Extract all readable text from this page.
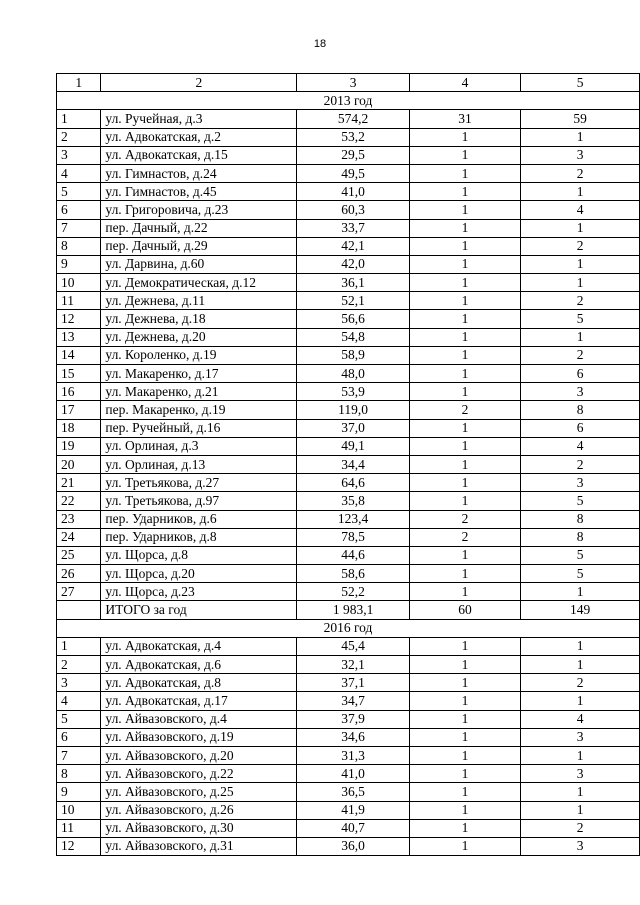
18
1	2	3	4	5
2013 год				
1	ул. Ручейная, д.3	574,2	31	59
2	ул. Адвокатская, д.2	53,2	1	1
3	ул. Адвокатская, д.15	29,5	1	3
4	ул. Гимнастов, д.24	49,5	1	2
5	ул. Гимнастов, д.45	41,0	1	1
6	ул. Григоровича, д.23	60,3	1	4
7	пер. Дачный, д.22	33,7	1	1
8	пер. Дачный, д.29	42,1	1	2
9	ул. Дарвина, д.60	42,0	1	1
10	ул. Демократическая, д.12	36,1	1	1
11	ул. Дежнева, д.11	52,1	1	2
12	ул. Дежнева, д.18	56,6	1	5
13	ул. Дежнева, д.20	54,8	1	1
14	ул. Короленко, д.19	58,9	1	2
15	ул. Макаренко, д.17	48,0	1	6
16	ул. Макаренко, д.21	53,9	1	3
17	пер. Макаренко, д.19	119,0	2	8
18	пер. Ручейный, д.16	37,0	1	6
19	ул. Орлиная, д.3	49,1	1	4
20	ул. Орлиная, д.13	34,4	1	2
21	ул. Третьякова, д.27	64,6	1	3
22	ул. Третьякова, д.97	35,8	1	5
23	пер. Ударников, д.6	123,4	2	8
24	пер. Ударников, д.8	78,5	2	8
25	ул. Щорса, д.8	44,6	1	5
26	ул. Щорса, д.20	58,6	1	5
27	ул. Щорса, д.23	52,2	1	1
	ИТОГО за год	1 983,1	60	149
2016 год				
1	ул. Адвокатская, д.4	45,4	1	1
2	ул. Адвокатская, д.6	32,1	1	1
3	ул. Адвокатская, д.8	37,1	1	2
4	ул. Адвокатская, д.17	34,7	1	1
5	ул. Айвазовского, д.4	37,9	1	4
6	ул. Айвазовского, д.19	34,6	1	3
7	ул. Айвазовского, д.20	31,3	1	1
8	ул. Айвазовского, д.22	41,0	1	3
9	ул. Айвазовского, д.25	36,5	1	1
10	ул. Айвазовского, д.26	41,9	1	1
11	ул. Айвазовского, д.30	40,7	1	2
12	ул. Айвазовского, д.31	36,0	1	3
